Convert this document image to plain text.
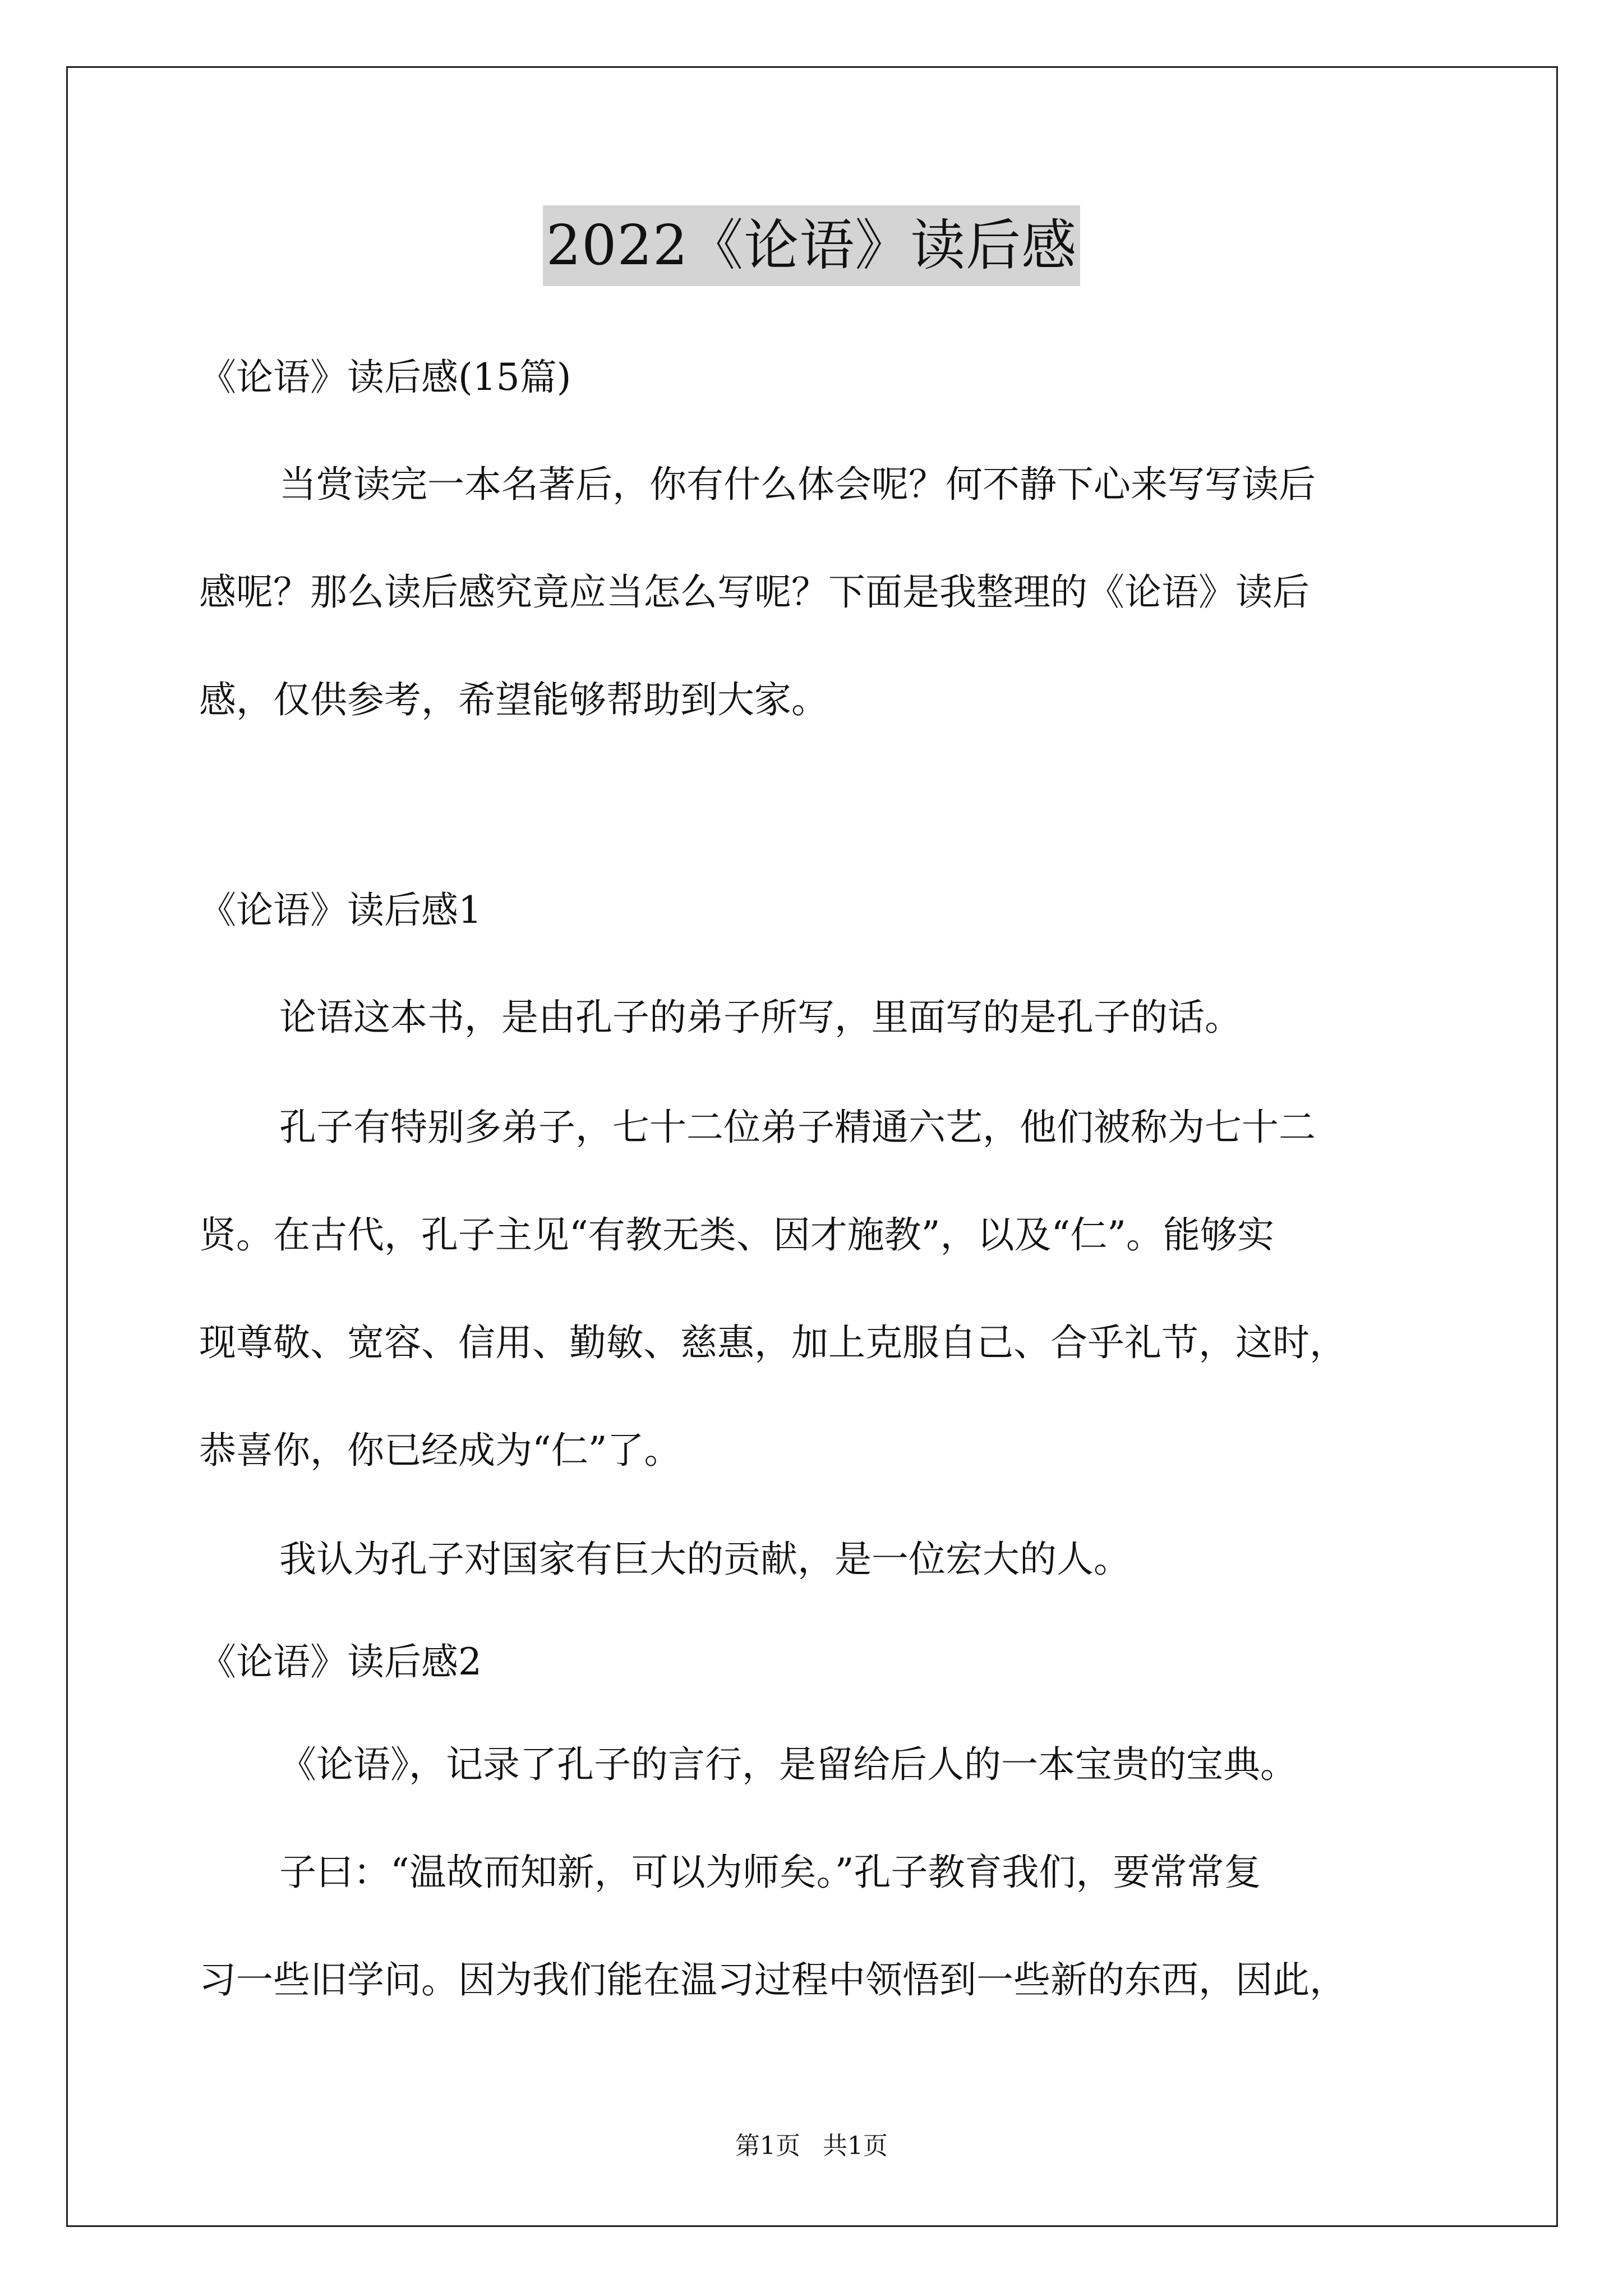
2022《论语》读后感
《论语》读后感(15篇)
当赏读完一本名著后，你有什么体会呢？何不静下心来写写读后
感呢？那么读后感究竟应当怎么写呢？下面是我整理的《论语》读后
感，仅供参考，希望能够帮助到大家。
《论语》读后感1
论语这本书，是由孔子的弟子所写，里面写的是孔子的话。
孔子有特别多弟子，七十二位弟子精通六艺，他们被称为七十二
贤。在古代，孔子主见“有教无类、因才施教”，以及“仁”。能够实
现尊敬、宽容、信用、勤敏、慈惠，加上克服自己、合乎礼节，这时，
恭喜你，你已经成为“仁”了。
我认为孔子对国家有巨大的贡献，是一位宏大的人。
《论语》读后感2
《论语》，记录了孔子的言行，是留给后人的一本宝贵的宝典。
子曰：“温故而知新，可以为师矣。”孔子教育我们，要常常复
习一些旧学问。因为我们能在温习过程中领悟到一些新的东西，因此，
第1页 共1页
